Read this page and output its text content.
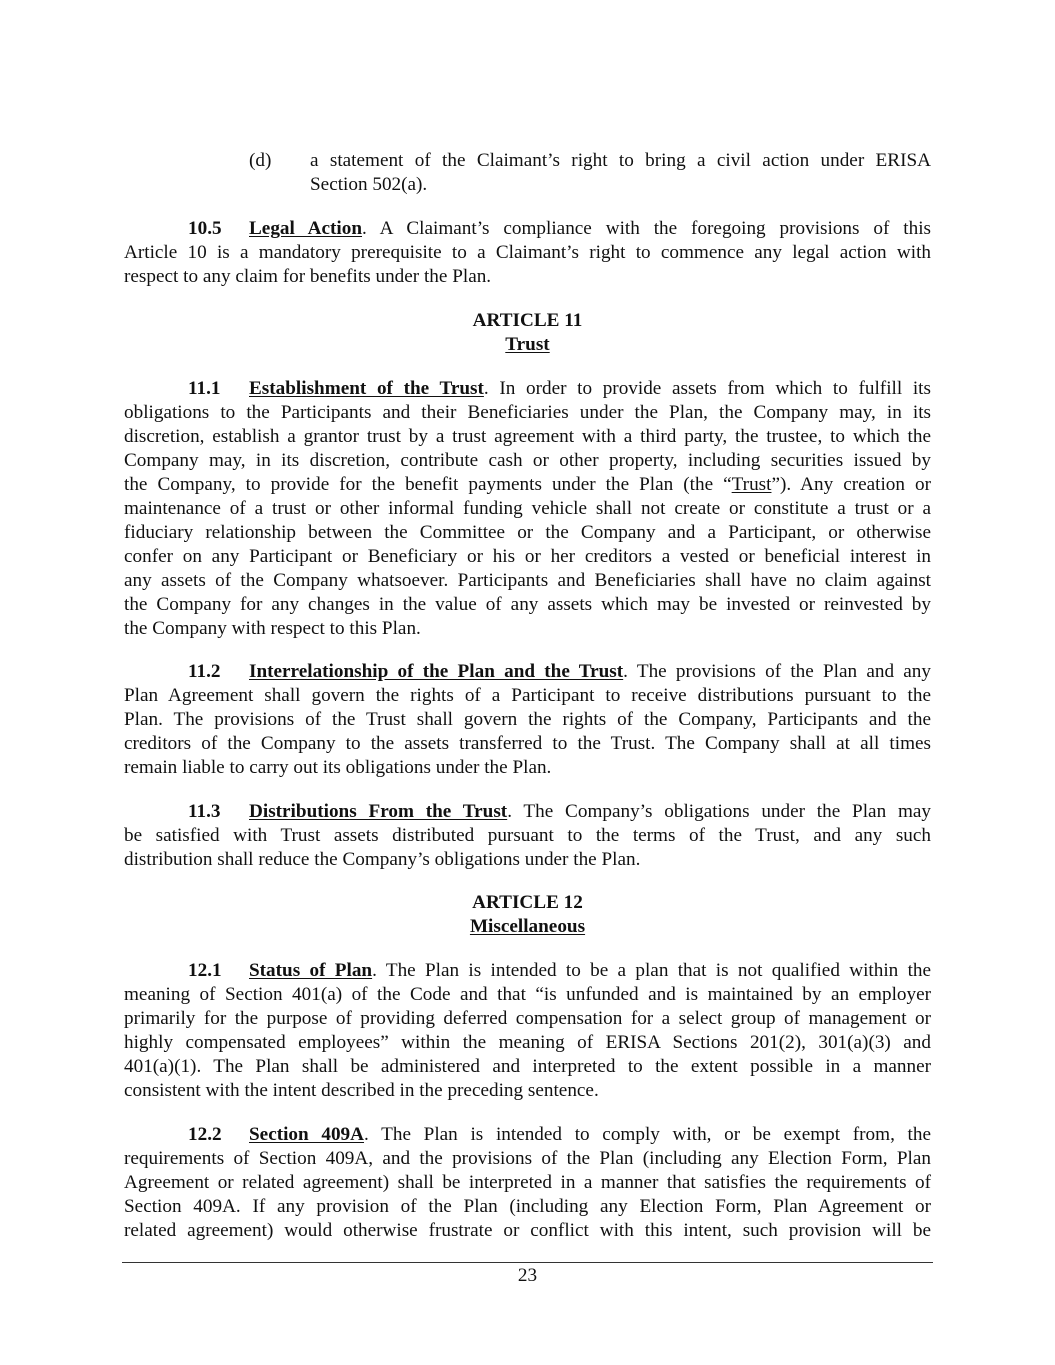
(d) a statement of the Claimant’s right to bring a civil action under ERISA
Section 502(a).
10.5 Legal Action. A Claimant’s compliance with the foregoing provisions of this
Article 10 is a mandatory prerequisite to a Claimant’s right to commence any legal action with
respect to any claim for benefits under the Plan.
ARTICLE 11
Trust
11.1 Establishment of the Trust. In order to provide assets from which to fulfill its
obligations to the Participants and their Beneficiaries under the Plan, the Company may, in its
discretion, establish a grantor trust by a trust agreement with a third party, the trustee, to which the
Company may, in its discretion, contribute cash or other property, including securities issued by
the Company, to provide for the benefit payments under the Plan (the “Trust”). Any creation or
maintenance of a trust or other informal funding vehicle shall not create or constitute a trust or a
fiduciary relationship between the Committee or the Company and a Participant, or otherwise
confer on any Participant or Beneficiary or his or her creditors a vested or beneficial interest in
any assets of the Company whatsoever. Participants and Beneficiaries shall have no claim against
the Company for any changes in the value of any assets which may be invested or reinvested by
the Company with respect to this Plan.
11.2 Interrelationship of the Plan and the Trust. The provisions of the Plan and any
Plan Agreement shall govern the rights of a Participant to receive distributions pursuant to the
Plan. The provisions of the Trust shall govern the rights of the Company, Participants and the
creditors of the Company to the assets transferred to the Trust. The Company shall at all times
remain liable to carry out its obligations under the Plan.
11.3 Distributions From the Trust. The Company’s obligations under the Plan may
be satisfied with Trust assets distributed pursuant to the terms of the Trust, and any such
distribution shall reduce the Company’s obligations under the Plan.
ARTICLE 12
Miscellaneous
12.1 Status of Plan. The Plan is intended to be a plan that is not qualified within the
meaning of Section 401(a) of the Code and that “is unfunded and is maintained by an employer
primarily for the purpose of providing deferred compensation for a select group of management or
highly compensated employees” within the meaning of ERISA Sections 201(2), 301(a)(3) and
401(a)(1). The Plan shall be administered and interpreted to the extent possible in a manner
consistent with the intent described in the preceding sentence.
12.2 Section 409A. The Plan is intended to comply with, or be exempt from, the
requirements of Section 409A, and the provisions of the Plan (including any Election Form, Plan
Agreement or related agreement) shall be interpreted in a manner that satisfies the requirements of
Section 409A. If any provision of the Plan (including any Election Form, Plan Agreement or
related agreement) would otherwise frustrate or conflict with this intent, such provision will be
23
